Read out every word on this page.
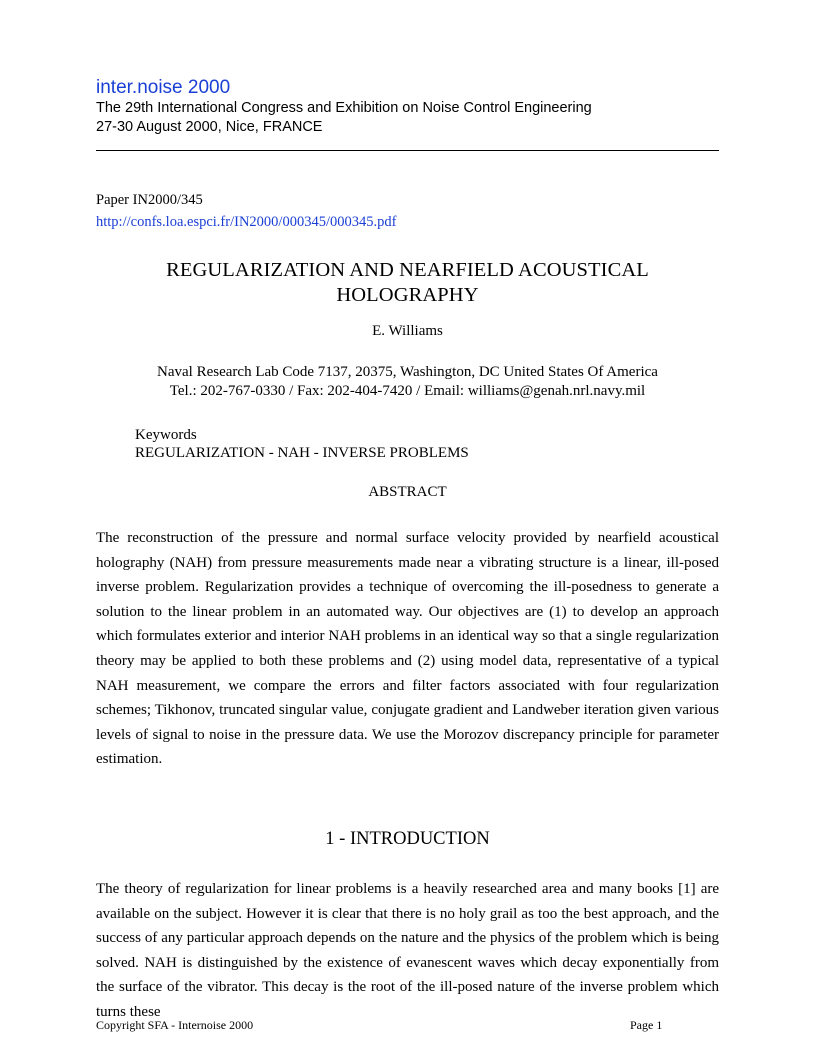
inter.noise 2000
The 29th International Congress and Exhibition on Noise Control Engineering
27-30 August 2000, Nice, FRANCE
Paper IN2000/345
http://confs.loa.espci.fr/IN2000/000345/000345.pdf
REGULARIZATION AND NEARFIELD ACOUSTICAL
HOLOGRAPHY
E. Williams
Naval Research Lab Code 7137, 20375, Washington, DC United States Of America
Tel.: 202-767-0330 / Fax: 202-404-7420 / Email: williams@genah.nrl.navy.mil
Keywords
REGULARIZATION - NAH - INVERSE PROBLEMS
ABSTRACT

The reconstruction of the pressure and normal surface velocity provided by nearfield acoustical holography (NAH) from pressure measurements made near a vibrating structure is a linear, ill-posed inverse problem. Regularization provides a technique of overcoming the ill-posedness to generate a solution to the linear problem in an automated way. Our objectives are (1) to develop an approach which formulates exterior and interior NAH problems in an identical way so that a single regularization theory may be applied to both these problems and (2) using model data, representative of a typical NAH measurement, we compare the errors and filter factors associated with four regularization schemes; Tikhonov, truncated singular value, conjugate gradient and Landweber iteration given various levels of signal to noise in the pressure data. We use the Morozov discrepancy principle for parameter estimation.

1 - INTRODUCTION

The theory of regularization for linear problems is a heavily researched area and many books [1] are available on the subject. However it is clear that there is no holy grail as too the best approach, and the success of any particular approach depends on the nature and the physics of the problem which is being solved. NAH is distinguished by the existence of evanescent waves which decay exponentially from the surface of the vibrator. This decay is the root of the ill-posed nature of the inverse problem which turns these

Copyright SFA - Internoise 2000	Page 1
